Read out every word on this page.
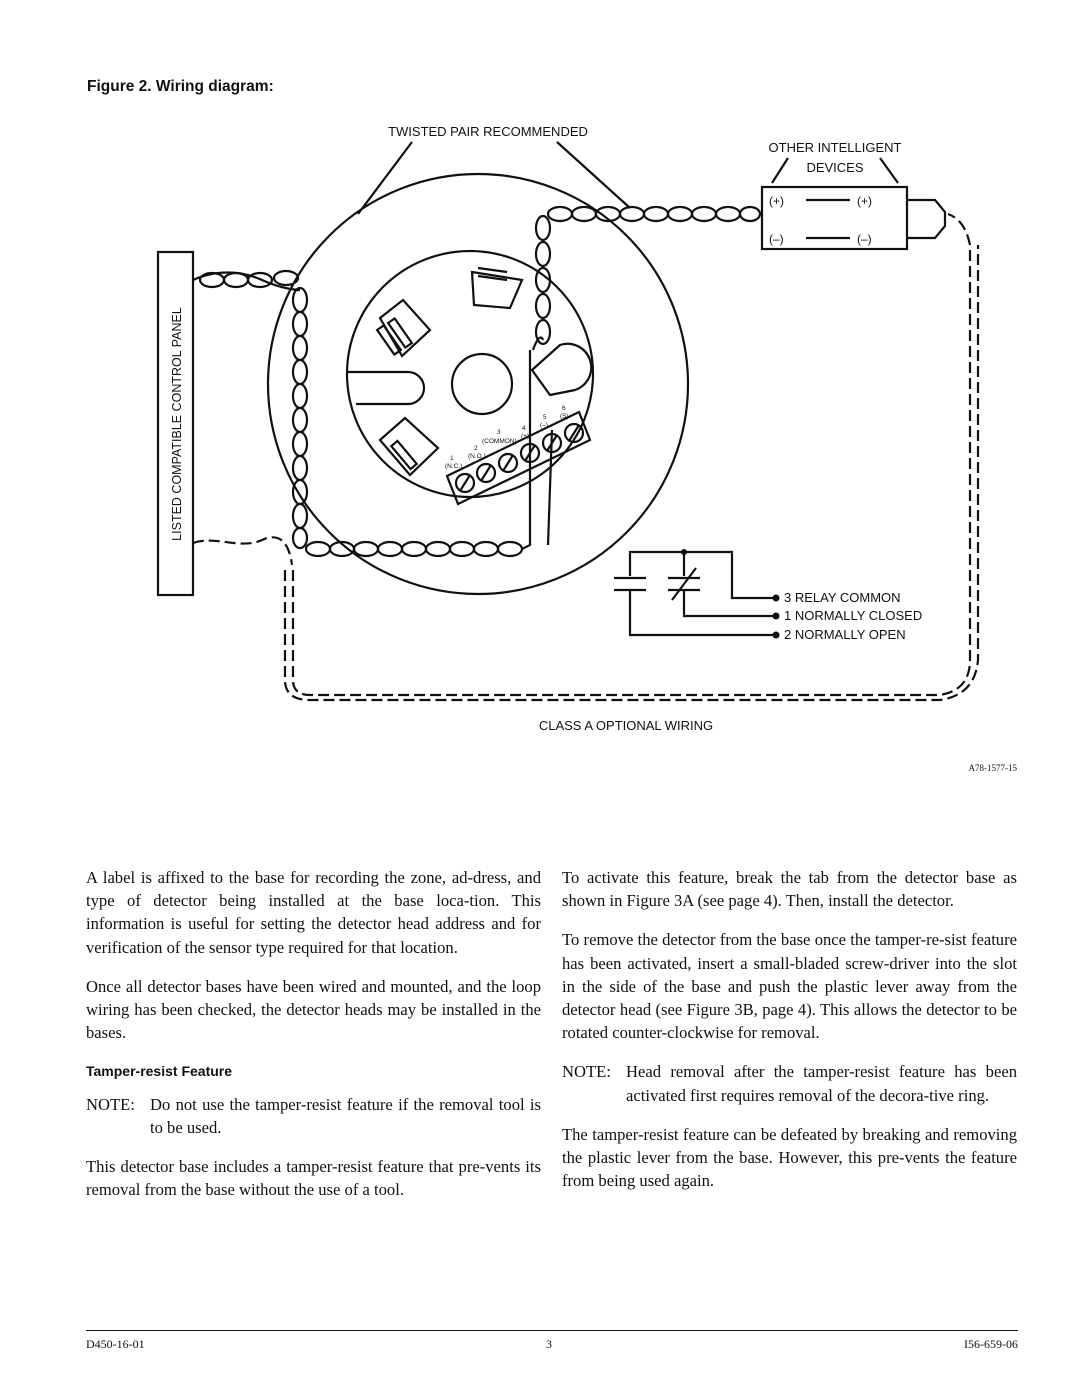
Figure 2. Wiring diagram:
TWISTED PAIR RECOMMENDED
OTHER INTELLIGENT
DEVICES
(+)
(–)
(+)
(–)
LISTED COMPATIBLE CONTROL PANEL
3 RELAY COMMON
1 NORMALLY CLOSED
2 NORMALLY OPEN
CLASS A OPTIONAL WIRING
A78-1577-15
1
(N.C.)
2
(N.O.)
3
(COMMON)
4
(+)
5
(–)
6
(S)

A label is affixed to the base for recording the zone, ad-dress, and type of detector being installed at the base loca-tion. This information is useful for setting the detector head address and for verification of the sensor type required for that location.

Once all detector bases have been wired and mounted, and the loop wiring has been checked, the detector heads may be installed in the bases.

Tamper-resist Feature
NOTE: Do not use the tamper-resist feature if the removal tool is to be used.

This detector base includes a tamper-resist feature that pre-vents its removal from the base without the use of a tool.

To activate this feature, break the tab from the detector base as shown in Figure 3A (see page 4). Then, install the detector.

To remove the detector from the base once the tamper-re-sist feature has been activated, insert a small-bladed screw-driver into the slot in the side of the base and push the plastic lever away from the detector head (see Figure 3B, page 4). This allows the detector to be rotated counter-clockwise for removal.

NOTE: Head removal after the tamper-resist feature has been activated first requires removal of the decora-tive ring.

The tamper-resist feature can be defeated by breaking and removing the plastic lever from the base. However, this pre-vents the feature from being used again.

D450-16-01	3	I56-659-06
